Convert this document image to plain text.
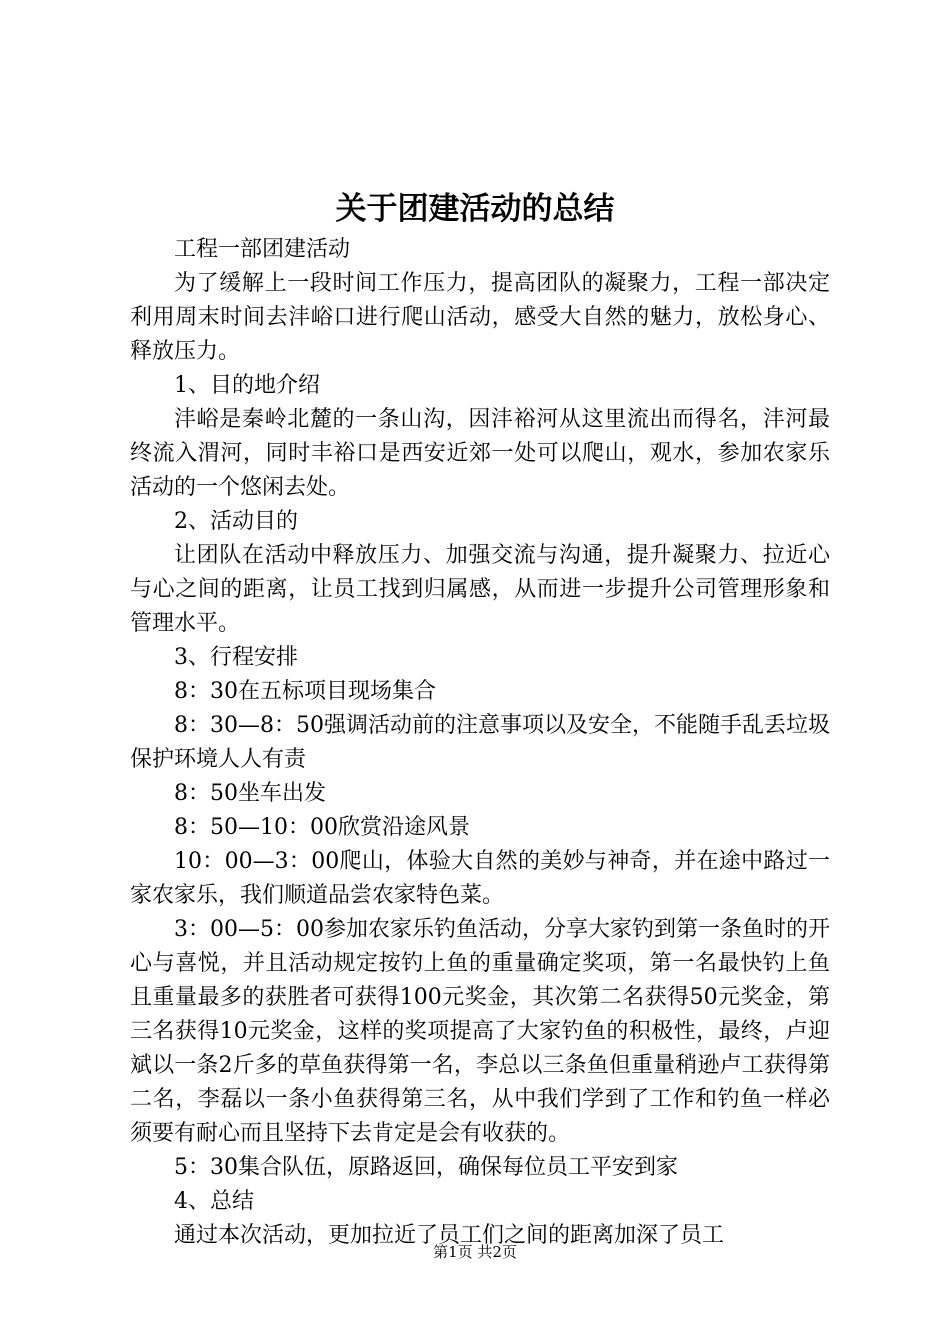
关于团建活动的总结

工程一部团建活动

为了缓解上一段时间工作压力，提高团队的凝聚力，工程一部决定利用周末时间去沣峪口进行爬山活动，感受大自然的魅力，放松身心、释放压力。

1、目的地介绍

沣峪是秦岭北麓的一条山沟，因沣裕河从这里流出而得名，沣河最终流入渭河，同时丰裕口是西安近郊一处可以爬山，观水，参加农家乐活动的一个悠闲去处。

2、活动目的

让团队在活动中释放压力、加强交流与沟通，提升凝聚力、拉近心与心之间的距离，让员工找到归属感，从而进一步提升公司管理形象和管理水平。

3、行程安排

8：30在五标项目现场集合

8：30—8：50强调活动前的注意事项以及安全，不能随手乱丢垃圾保护环境人人有责

8：50坐车出发

8：50—10：00欣赏沿途风景

10：00—3：00爬山，体验大自然的美妙与神奇，并在途中路过一家农家乐，我们顺道品尝农家特色菜。

3：00—5：00参加农家乐钓鱼活动，分享大家钓到第一条鱼时的开心与喜悦，并且活动规定按钓上鱼的重量确定奖项，第一名最快钓上鱼且重量最多的获胜者可获得100元奖金，其次第二名获得50元奖金，第三名获得10元奖金，这样的奖项提高了大家钓鱼的积极性，最终，卢迎斌以一条2斤多的草鱼获得第一名，李总以三条鱼但重量稍逊卢工获得第二名，李磊以一条小鱼获得第三名，从中我们学到了工作和钓鱼一样必须要有耐心而且坚持下去肯定是会有收获的。

5：30集合队伍，原路返回，确保每位员工平安到家

4、总结

通过本次活动，更加拉近了员工们之间的距离加深了员工

第1页 共2页
